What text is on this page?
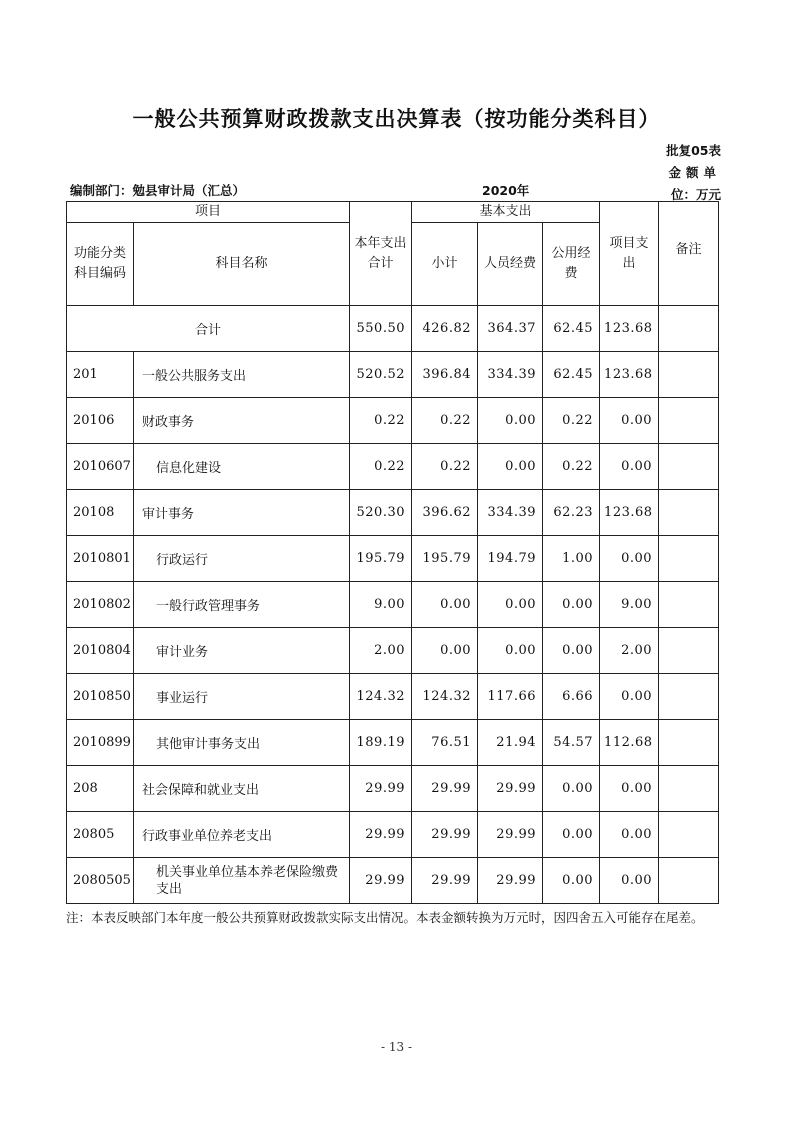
一般公共预算财政拨款支出决算表（按功能分类科目）
批复05表
金额单
位：万元
编制部门：勉县审计局（汇总）	2020年
项目		本年支出合计	基本支出			项目支出	备注
功能分类科目编码	科目名称		小计	人员经费	公用经费		
合计		550.50	426.82	364.37	62.45	123.68	
201	一般公共服务支出	520.52	396.84	334.39	62.45	123.68	
20106	财政事务	0.22	0.22	0.00	0.22	0.00	
2010607	信息化建设	0.22	0.22	0.00	0.22	0.00	
20108	审计事务	520.30	396.62	334.39	62.23	123.68	
2010801	行政运行	195.79	195.79	194.79	1.00	0.00	
2010802	一般行政管理事务	9.00	0.00	0.00	0.00	9.00	
2010804	审计业务	2.00	0.00	0.00	0.00	2.00	
2010850	事业运行	124.32	124.32	117.66	6.66	0.00	
2010899	其他审计事务支出	189.19	76.51	21.94	54.57	112.68	
208	社会保障和就业支出	29.99	29.99	29.99	0.00	0.00	
20805	行政事业单位养老支出	29.99	29.99	29.99	0.00	0.00	
2080505	机关事业单位基本养老保险缴费支出	29.99	29.99	29.99	0.00	0.00	
注：本表反映部门本年度一般公共预算财政拨款实际支出情况。本表金额转换为万元时，因四舍五入可能存在尾差。
- 13 -
